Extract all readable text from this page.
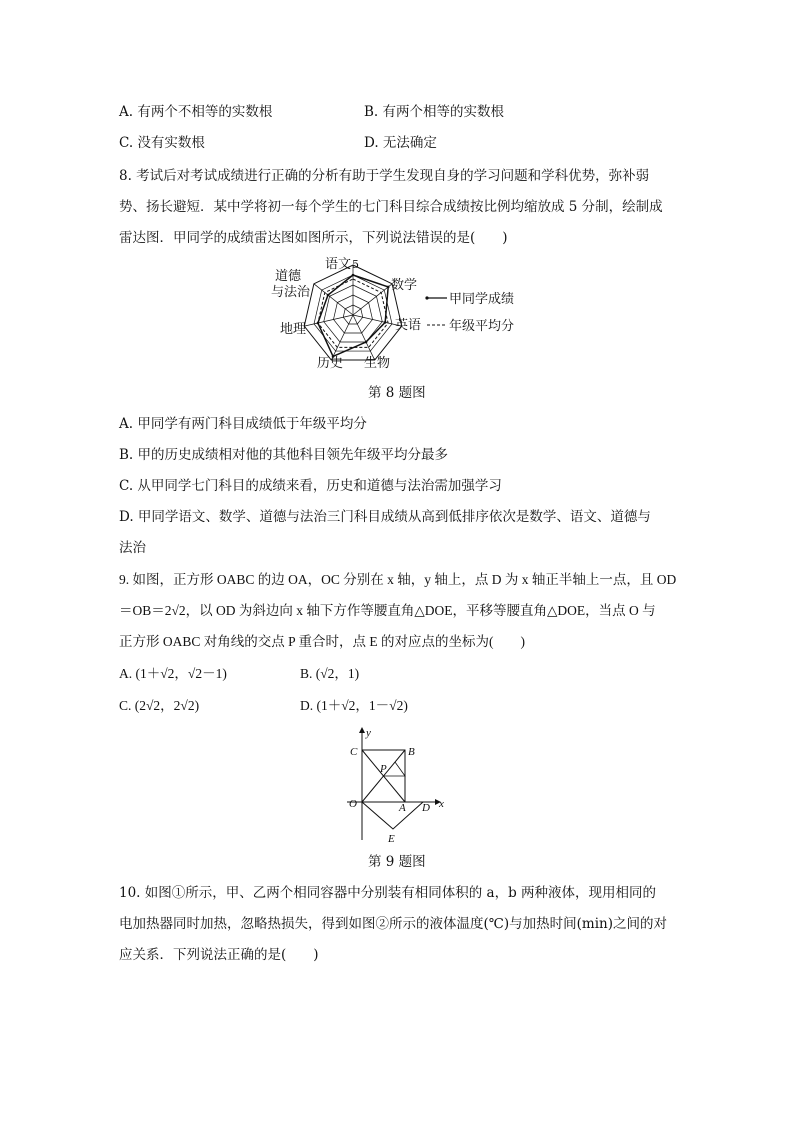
A. 有两个不相等的实数根	B. 有两个相等的实数根
C. 没有实数根	D. 无法确定
8. 考试后对考试成绩进行正确的分析有助于学生发现自身的学习问题和学科优势，弥补弱
势、扬长避短．某中学将初一每个学生的七门科目综合成绩按比例均缩放成 5 分制，绘制成
雷达图．甲同学的成绩雷达图如图所示，下列说法错误的是(　　)
语文 5
数学
英语
生物
历史
地理
道德
与法治	甲同学成绩
年级平均分
第 8 题图
A. 甲同学有两门科目成绩低于年级平均分
B. 甲的历史成绩相对他的其他科目领先年级平均分最多
C. 从甲同学七门科目的成绩来看，历史和道德与法治需加强学习
D. 甲同学语文、数学、道德与法治三门科目成绩从高到低排序依次是数学、语文、道德与
法治
9. 如图，正方形 OABC 的边 OA，OC 分别在 x 轴，y 轴上，点 D 为 x 轴正半轴上一点，且 OD
＝OB＝2√2，以 OD 为斜边向 x 轴下方作等腰直角△DOE，平移等腰直角△DOE，当点 O 与
正方形 OABC 对角线的交点 P 重合时，点 E 的对应点的坐标为(　　)
A. (1＋√2，√2－1)	B. (√2，1)
C. (2√2，2√2)	D. (1＋√2，1－√2)
y
x
C	B
P
O	A D
E
第 9 题图
10. 如图①所示，甲、乙两个相同容器中分别装有相同体积的 a，b 两种液体，现用相同的
电加热器同时加热，忽略热损失，得到如图②所示的液体温度(℃)与加热时间(min)之间的对
应关系．下列说法正确的是(　　)
